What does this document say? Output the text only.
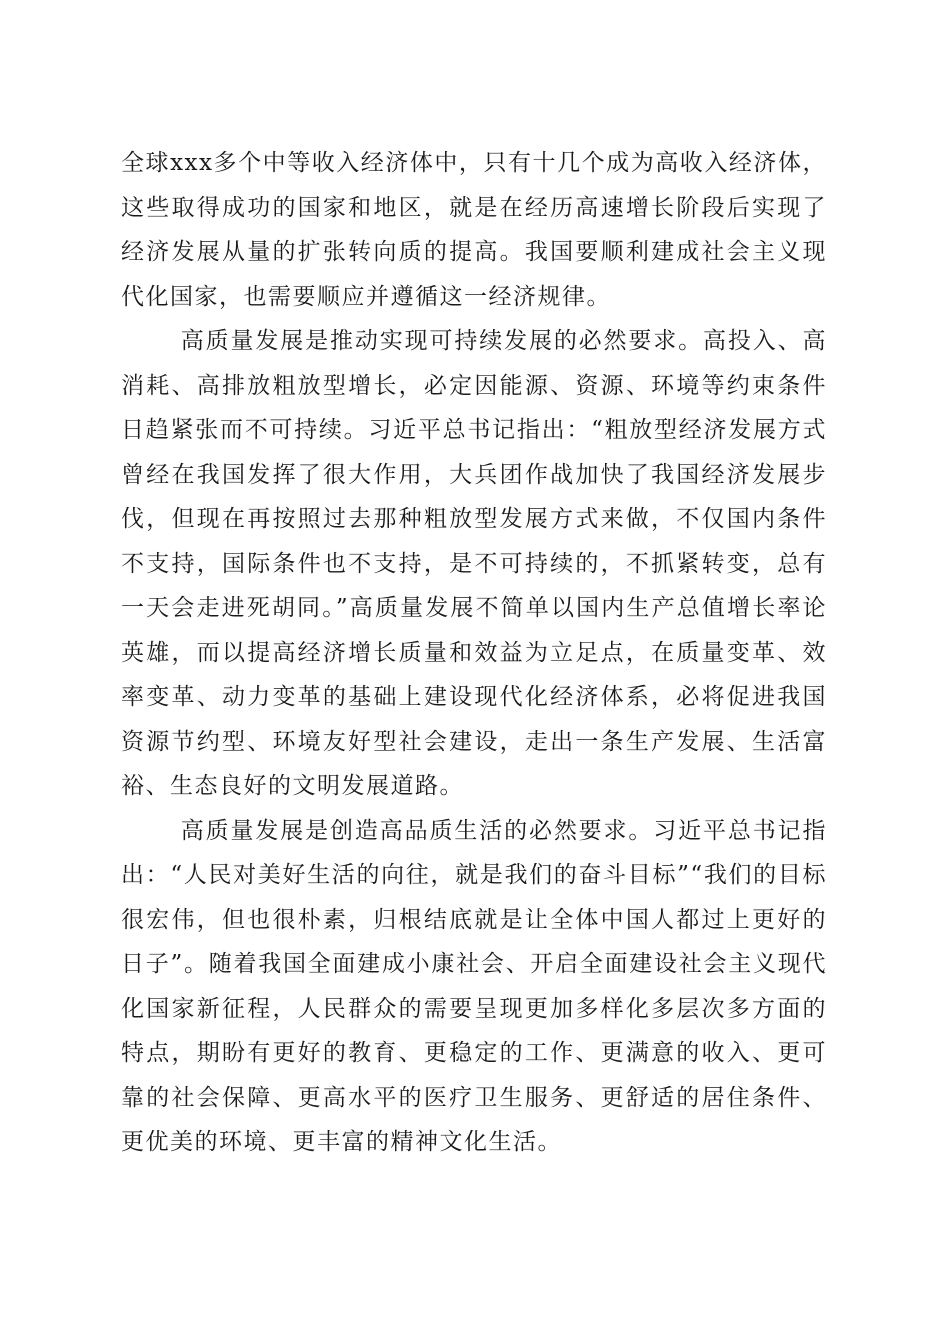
全球xxx多个中等收入经济体中，只有十几个成为高收入经济体，这些取得成功的国家和地区，就是在经历高速增长阶段后实现了经济发展从量的扩张转向质的提高。我国要顺利建成社会主义现代化国家，也需要顺应并遵循这一经济规律。

高质量发展是推动实现可持续发展的必然要求。高投入、高消耗、高排放粗放型增长，必定因能源、资源、环境等约束条件日趋紧张而不可持续。习近平总书记指出：“粗放型经济发展方式曾经在我国发挥了很大作用，大兵团作战加快了我国经济发展步伐，但现在再按照过去那种粗放型发展方式来做，不仅国内条件不支持，国际条件也不支持，是不可持续的，不抓紧转变，总有一天会走进死胡同。”高质量发展不简单以国内生产总值增长率论英雄，而以提高经济增长质量和效益为立足点，在质量变革、效率变革、动力变革的基础上建设现代化经济体系，必将促进我国资源节约型、环境友好型社会建设，走出一条生产发展、生活富裕、生态良好的文明发展道路。

高质量发展是创造高品质生活的必然要求。习近平总书记指出：“人民对美好生活的向往，就是我们的奋斗目标”“我们的目标很宏伟，但也很朴素，归根结底就是让全体中国人都过上更好的日子”。随着我国全面建成小康社会、开启全面建设社会主义现代化国家新征程，人民群众的需要呈现更加多样化多层次多方面的特点，期盼有更好的教育、更稳定的工作、更满意的收入、更可靠的社会保障、更高水平的医疗卫生服务、更舒适的居住条件、更优美的环境、更丰富的精神文化生活。
